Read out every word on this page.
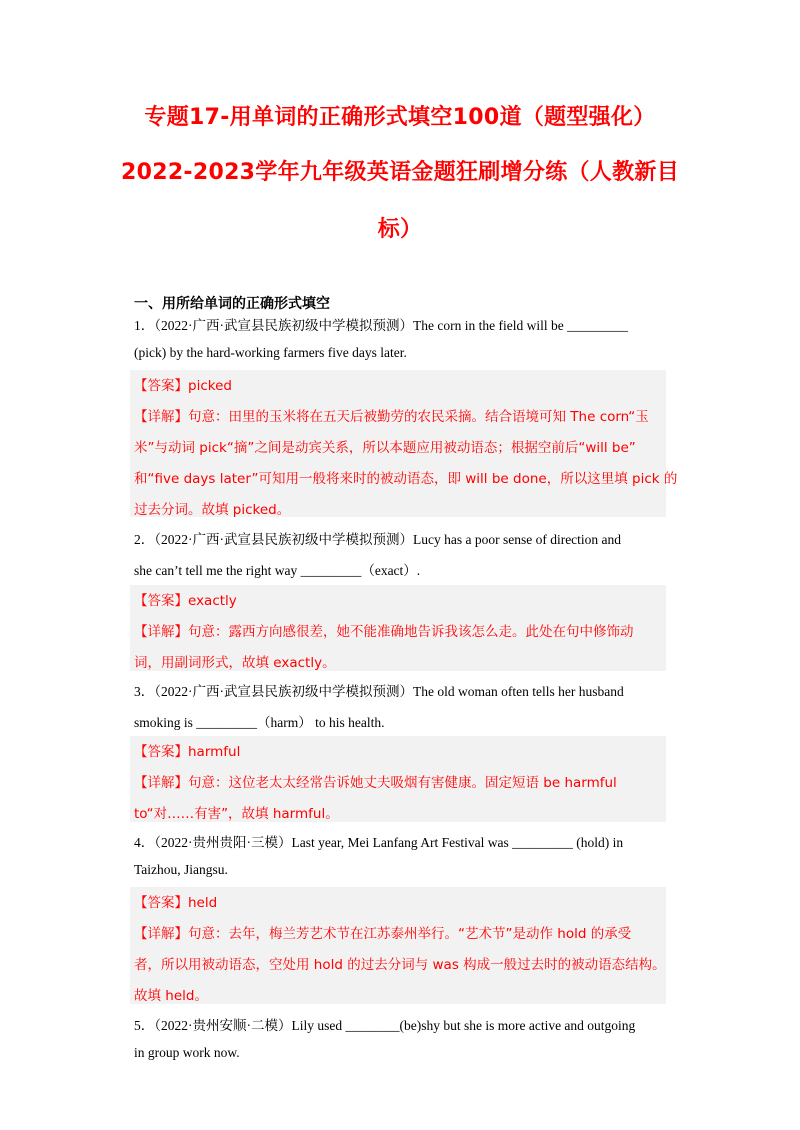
专题17-用单词的正确形式填空100道（题型强化）
2022-2023学年九年级英语金题狂刷增分练（人教新目
标）
一、用所给单词的正确形式填空
1．（2022·广西·武宣县民族初级中学模拟预测）The corn in the field will be _________
(pick) by the hard-working farmers five days later.
【答案】picked
【详解】句意：田里的玉米将在五天后被勤劳的农民采摘。结合语境可知 The corn“玉
米”与动词 pick“摘”之间是动宾关系，所以本题应用被动语态；根据空前后“will be”
和“five days later”可知用一般将来时的被动语态，即 will be done，所以这里填 pick 的
过去分词。故填 picked。
2．（2022·广西·武宣县民族初级中学模拟预测）Lucy has a poor sense of direction and
she can’t tell me the right way _________（exact）.
【答案】exactly
【详解】句意：露西方向感很差，她不能准确地告诉我该怎么走。此处在句中修饰动
词，用副词形式，故填 exactly。
3．（2022·广西·武宣县民族初级中学模拟预测）The old woman often tells her husband
smoking is _________（harm） to his health.
【答案】harmful
【详解】句意：这位老太太经常告诉她丈夫吸烟有害健康。固定短语 be harmful
to“对……有害”，故填 harmful。
4．（2022·贵州贵阳·三模）Last year, Mei Lanfang Art Festival was _________ (hold) in
Taizhou, Jiangsu.
【答案】held
【详解】句意：去年，梅兰芳艺术节在江苏泰州举行。“艺术节”是动作 hold 的承受
者，所以用被动语态，空处用 hold 的过去分词与 was 构成一般过去时的被动语态结构。
故填 held。
5．（2022·贵州安顺·二模）Lily used ________(be)shy but she is more active and outgoing
in group work now.
